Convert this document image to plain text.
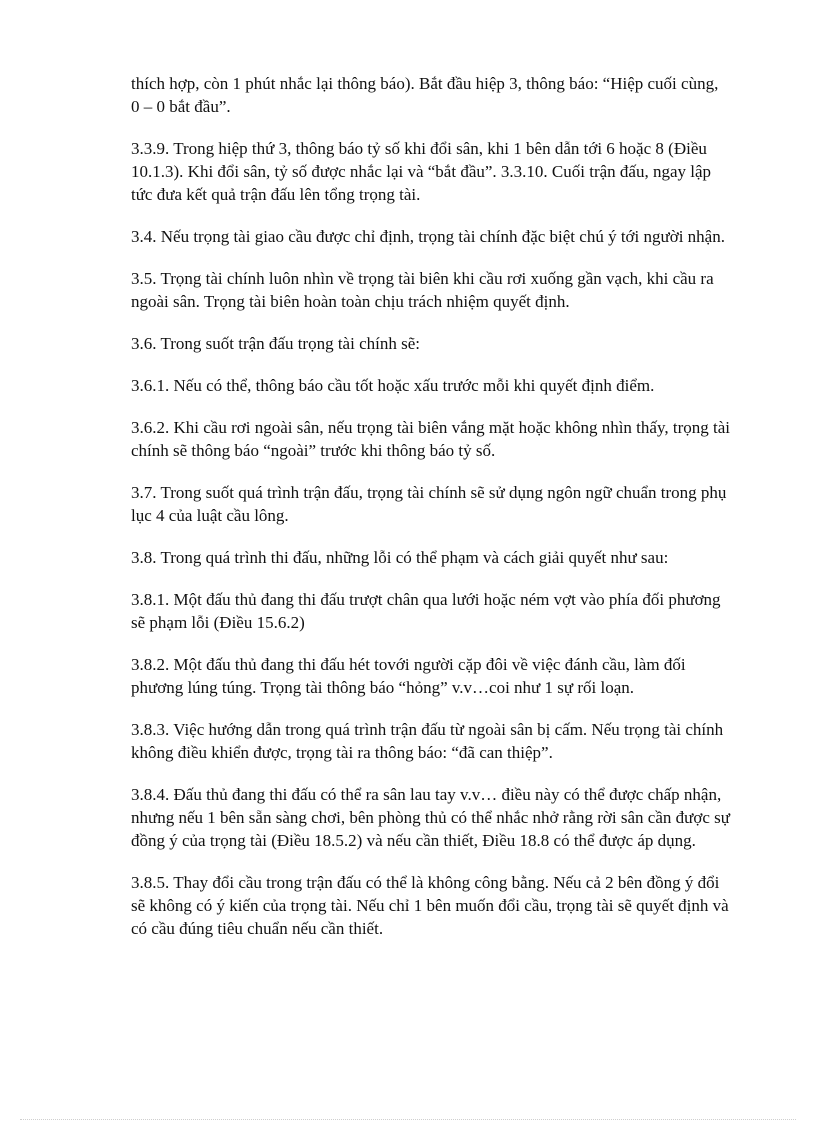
thích hợp, còn 1 phút nhắc lại thông báo). Bắt đầu hiệp 3, thông báo: “Hiệp cuối cùng, 0 – 0 bắt đầu”.

3.3.9. Trong hiệp thứ 3, thông báo tỷ số khi đổi sân, khi 1 bên dẫn tới 6 hoặc 8 (Điều 10.1.3). Khi đổi sân, tỷ số được nhắc lại và “bắt đầu”. 3.3.10. Cuối trận đấu, ngay lập tức đưa kết quả trận đấu lên tổng trọng tài.

3.4. Nếu trọng tài giao cầu được chỉ định, trọng tài chính đặc biệt chú ý tới người nhận.

3.5. Trọng tài chính luôn nhìn về trọng tài biên khi cầu rơi xuống gần vạch, khi cầu ra ngoài sân. Trọng tài biên hoàn toàn chịu trách nhiệm quyết định.

3.6. Trong suốt trận đấu trọng tài chính sẽ:

3.6.1. Nếu có thể, thông báo cầu tốt hoặc xấu trước mỗi khi quyết định điểm.

3.6.2. Khi cầu rơi ngoài sân, nếu trọng tài biên vắng mặt hoặc không nhìn thấy, trọng tài chính sẽ thông báo “ngoài” trước khi thông báo tỷ số.

3.7. Trong suốt quá trình trận đấu, trọng tài chính sẽ sử dụng ngôn ngữ chuẩn trong phụ lục 4 của luật cầu lông.

3.8. Trong quá trình thi đấu, những lỗi có thể phạm và cách giải quyết như sau:

3.8.1. Một đấu thủ đang thi đấu trượt chân qua lưới hoặc ném vợt vào phía đối phương sẽ phạm lỗi (Điều 15.6.2)

3.8.2. Một đấu thủ đang thi đấu hét tovới người cặp đôi về việc đánh cầu, làm đối phương lúng túng. Trọng tài thông báo “hỏng” v.v…coi như 1 sự rối loạn.

3.8.3. Việc hướng dẫn trong quá trình trận đấu từ ngoài sân bị cấm. Nếu trọng tài chính không điều khiển được, trọng tài ra thông báo: “đã can thiệp”.

3.8.4. Đấu thủ đang thi đấu có thể ra sân lau tay v.v… điều này có thể được chấp nhận, nhưng nếu 1 bên sẵn sàng chơi, bên phòng thủ có thể nhắc nhở rằng rời sân cần được sự đồng ý của trọng tài (Điều 18.5.2) và nếu cần thiết, Điều 18.8 có thể được áp dụng.

3.8.5. Thay đổi cầu trong trận đấu có thể là không công bằng. Nếu cả 2 bên đồng ý đổi sẽ không có ý kiến của trọng tài. Nếu chỉ 1 bên muốn đổi cầu, trọng tài sẽ quyết định và có cầu đúng tiêu chuẩn nếu cần thiết.
